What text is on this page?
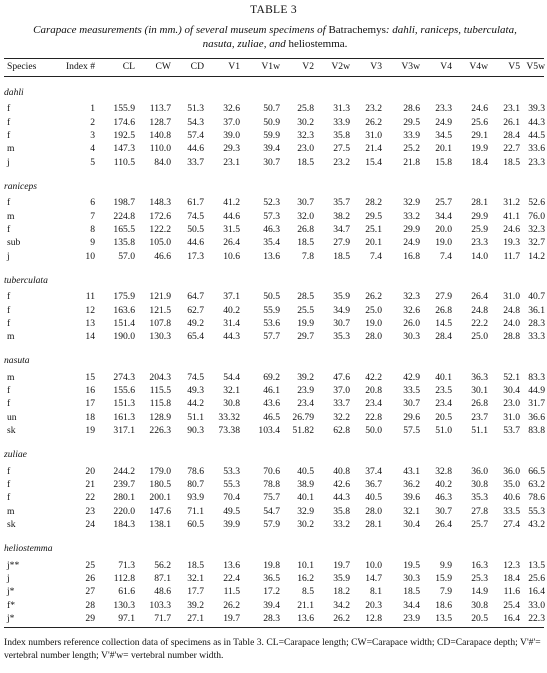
TABLE 3
Carapace measurements (in mm.) of several museum specimens of Batrachemys: dahli, raniceps, tuberculata, nasuta, zuliae, and heliostemma.
Species	Index #	CL	CW	CD	V1	V1w	V2	V2w	V3	V3w	V4	V4w	V5 V5w
dahli
f	1	155.9	113.7	51.3	32.6	50.7	25.8	31.3	23.2	28.6	23.3	24.6	23.1 39.3
f	2	174.6	128.7	54.3	37.0	50.9	30.2	33.9	26.2	29.5	24.9	25.6	26.1 44.3
f	3	192.5	140.8	57.4	39.0	59.9	32.3	35.8	31.0	33.9	34.5	29.1	28.4 44.5
m	4	147.3	110.0	44.6	29.3	39.4	23.0	27.5	21.4	25.2	20.1	19.9	22.7 33.6
j	5	110.5	84.0	33.7	23.1	30.7	18.5	23.2	15.4	21.8	15.8	18.4	18.5 23.3
raniceps
f	6	198.7	148.3	61.7	41.2	52.3	30.7	35.7	28.2	32.9	25.7	28.1	31.2 52.6
m	7	224.8	172.6	74.5	44.6	57.3	32.0	38.2	29.5	33.2	34.4	29.9	41.1 76.0
f	8	165.5	122.2	50.5	31.5	46.3	26.8	34.7	25.1	29.9	20.0	25.9	24.6 32.3
sub	9	135.8	105.0	44.6	26.4	35.4	18.5	27.9	20.1	24.9	19.0	23.3	19.3 32.7
j	10	57.0	46.6	17.3	10.6	13.6	7.8	18.5	7.4	16.8	7.4	14.0	11.7 14.2
tuberculata
f	11	175.9	121.9	64.7	37.1	50.5	28.5	35.9	26.2	32.3	27.9	26.4	31.0 40.7
f	12	163.6	121.5	62.7	40.2	55.9	25.5	34.9	25.0	32.6	26.8	24.8	24.8 36.1
f	13	151.4	107.8	49.2	31.4	53.6	19.9	30.7	19.0	26.0	14.5	22.2	24.0 28.3
m	14	190.0	130.3	65.4	44.3	57.7	29.7	35.3	28.0	30.3	28.4	25.0	28.8 33.3
nasuta
m	15	274.3	204.3	74.5	54.4	69.2	39.2	47.6	42.2	42.9	40.1	36.3	52.1 83.3
f	16	155.6	115.5	49.3	32.1	46.1	23.9	37.0	20.8	33.5	23.5	30.1	30.4 44.9
f	17	151.3	115.8	44.2	30.8	43.6	23.4	33.7	23.4	30.7	23.4	26.8	23.0 31.7
un	18	161.3	128.9	51.1	33.32	46.5	26.79	32.2	22.8	29.6	20.5	23.7	31.0 36.6
sk	19	317.1	226.3	90.3	73.38	103.4	51.82	62.8	50.0	57.5	51.0	51.1	53.7 83.8
zuliae
f	20	244.2	179.0	78.6	53.3	70.6	40.5	40.8	37.4	43.1	32.8	36.0	36.0 66.5
f	21	239.7	180.5	80.7	55.3	78.8	38.9	42.6	36.7	36.2	40.2	30.8	35.0 63.2
f	22	280.1	200.1	93.9	70.4	75.7	40.1	44.3	40.5	39.6	46.3	35.3	40.6 78.6
m	23	220.0	147.6	71.1	49.5	54.7	32.9	35.8	28.0	32.1	30.7	27.8	33.5 55.3
sk	24	184.3	138.1	60.5	39.9	57.9	30.2	33.2	28.1	30.4	26.4	25.7	27.4 43.2
heliostemma
j**	25	71.3	56.2	18.5	13.6	19.8	10.1	19.7	10.0	19.5	9.9	16.3	12.3 13.5
j	26	112.8	87.1	32.1	22.4	36.5	16.2	35.9	14.7	30.3	15.9	25.3	18.4 25.6
j*	27	61.6	48.6	17.7	11.5	17.2	8.5	18.2	8.1	18.5	7.9	14.9	11.6 16.4
f*	28	130.3	103.3	39.2	26.2	39.4	21.1	34.2	20.3	34.4	18.6	30.8	25.4 33.0
j*	29	97.1	71.7	27.1	19.7	28.3	13.6	26.2	12.8	23.9	13.5	20.5	16.4 22.3
Index numbers reference collection data of specimens as in Table 3. CL=Carapace length; CW=Carapace width; CD=Carapace depth; V'#'= vertebral number length; V'#'w= vertebral number width.
